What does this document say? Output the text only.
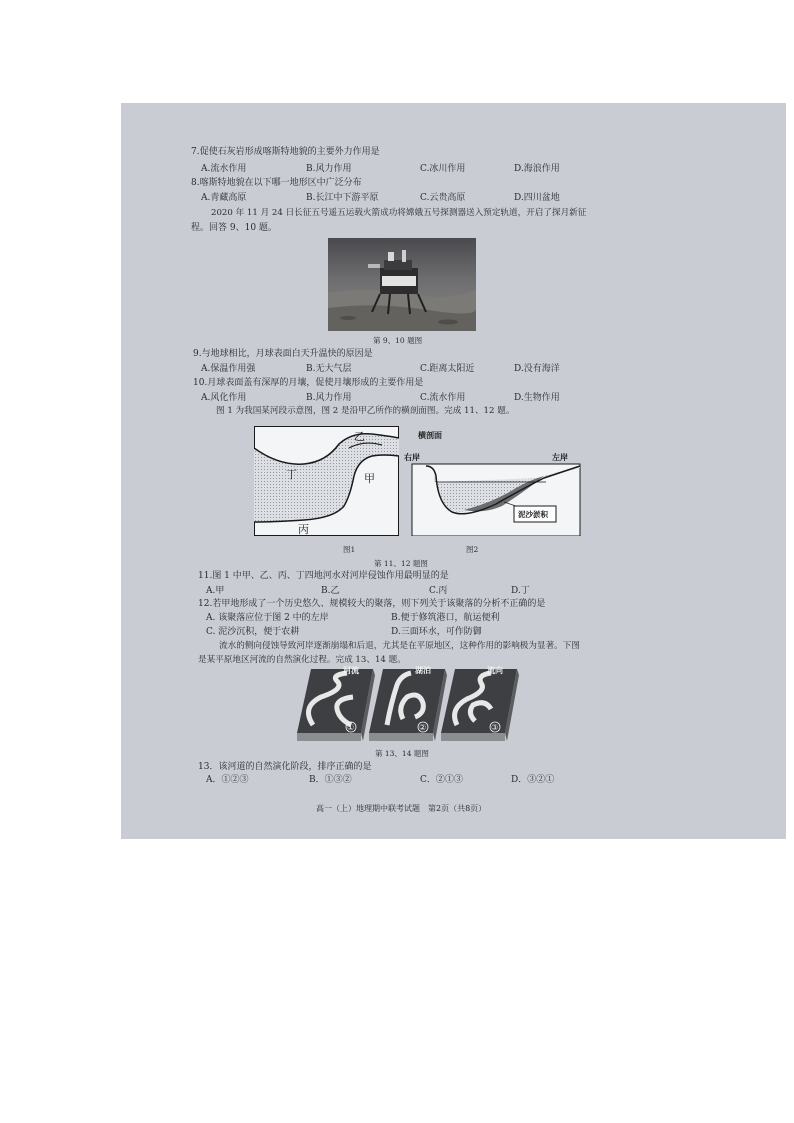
7.促使石灰岩形成喀斯特地貌的主要外力作用是
A.流水作用	B.风力作用	C.冰川作用	D.海浪作用
8.喀斯特地貌在以下哪一地形区中广泛分布
A.青藏高原	B.长江中下游平原	C.云贵高原	D.四川盆地
2020 年 11 月 24 日长征五号遥五运载火箭成功将嫦娥五号探测器送入预定轨道，开启了探月新征
程。回答 9、10 题。
第 9、10 题图
9.与地球相比，月球表面白天升温快的原因是
A.保温作用强	B.无大气层	C.距离太阳近	D.没有海洋
10.月球表面盖有深厚的月壤，促使月壤形成的主要作用是
A.风化作用	B.风力作用	C.流水作用	D.生物作用
图 1 为我国某河段示意图，图 2 是沿甲乙所作的横剖面图。完成 11、12 题。
乙
丁	甲
丙
图1
横剖面
右岸	左岸
泥沙淤积
图2
第 11、12 题图
11.图 1 中甲、乙、丙、丁四地河水对河岸侵蚀作用最明显的是
A.甲	B.乙	C.丙	D.丁
12.若甲地形成了一个历史悠久、规模较大的聚落，则下列关于该聚落的分析不正确的是
A. 该聚落应位于图 2 中的左岸	B.便于修筑港口，航运便利
C. 泥沙沉积，便于农耕	D.三面环水，可作防御
流水的侧向侵蚀导致河岸逐渐崩塌和后退，尤其是在平原地区，这种作用的影响极为显著。下图
是某平原地区河流的自然演化过程。完成 13、14 题。
河流
①
湖泊
②
流向
③
第 13、14 题图
13．该河道的自然演化阶段，排序正确的是
A．①②③	B．①③②	C．②①③	D．③②①
高一（上）地理期中联考试题　第2页（共8页）
